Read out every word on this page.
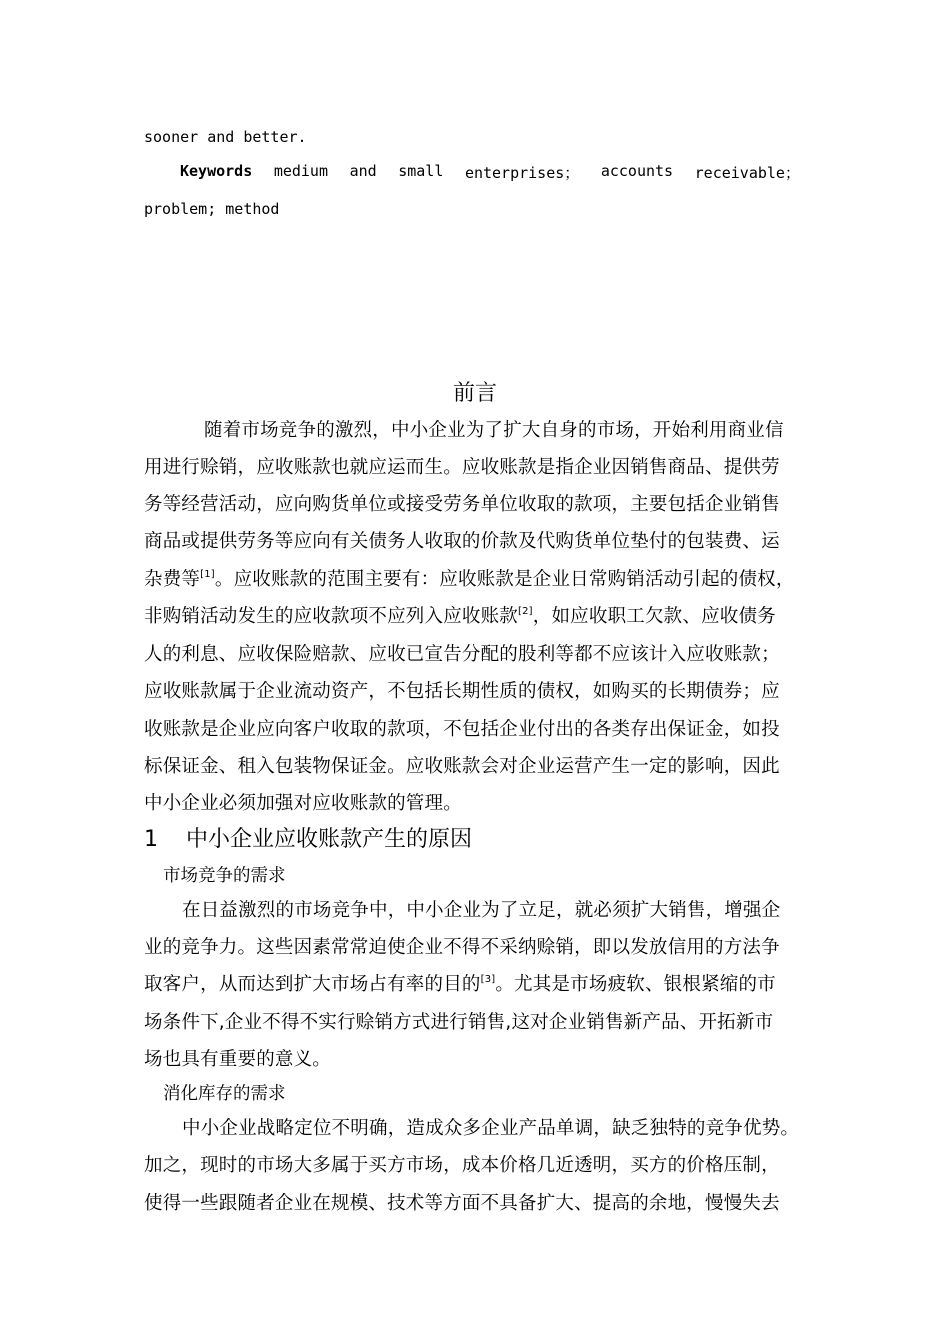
sooner and better.
Keywords medium and small enterprises； accounts receivable；
problem; method
前言
随着市场竞争的激烈，中小企业为了扩大自身的市场，开始利用商业信
用进行赊销，应收账款也就应运而生。应收账款是指企业因销售商品、提供劳
务等经营活动，应向购货单位或接受劳务单位收取的款项，主要包括企业销售
商品或提供劳务等应向有关债务人收取的价款及代购货单位垫付的包装费、运
杂费等[1]。应收账款的范围主要有：应收账款是企业日常购销活动引起的债权，
非购销活动发生的应收款项不应列入应收账款[2]，如应收职工欠款、应收债务
人的利息、应收保险赔款、应收已宣告分配的股利等都不应该计入应收账款；
应收账款属于企业流动资产，不包括长期性质的债权，如购买的长期债券；应
收账款是企业应向客户收取的款项，不包括企业付出的各类存出保证金，如投
标保证金、租入包装物保证金。应收账款会对企业运营产生一定的影响，因此
中小企业必须加强对应收账款的管理。
1 中小企业应收账款产生的原因
市场竞争的需求
在日益激烈的市场竞争中，中小企业为了立足，就必须扩大销售，增强企
业的竞争力。这些因素常常迫使企业不得不采纳赊销，即以发放信用的方法争
取客户，从而达到扩大市场占有率的目的[3]。尤其是市场疲软、银根紧缩的市
场条件下,企业不得不实行赊销方式进行销售,这对企业销售新产品、开拓新市
场也具有重要的意义。
消化库存的需求
中小企业战略定位不明确，造成众多企业产品单调，缺乏独特的竞争优势。
加之，现时的市场大多属于买方市场，成本价格几近透明，买方的价格压制，
使得一些跟随者企业在规模、技术等方面不具备扩大、提高的余地，慢慢失去
